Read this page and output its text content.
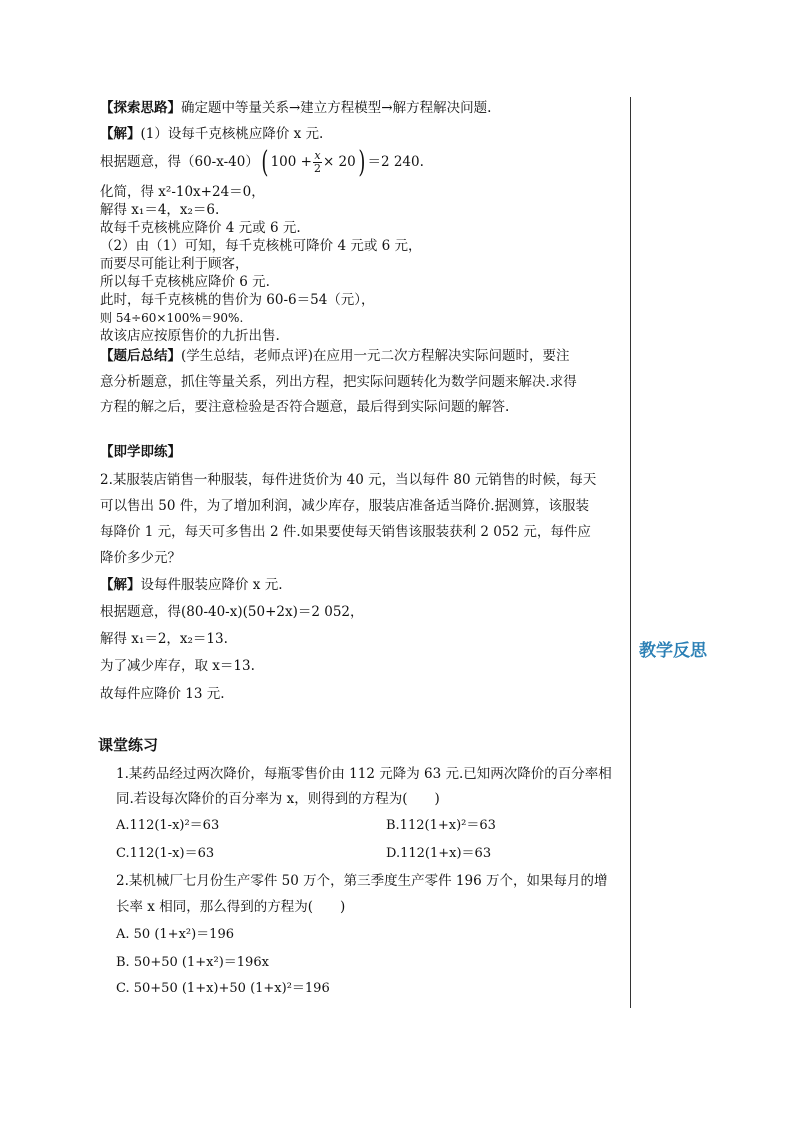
教学反思
【探索思路】确定题中等量关系→建立方程模型→解方程解决问题.
【解】(1）设每千克核桃应降价 x 元.
根据题意，得（60-x-40）( $100 + \frac{x}{2} \times 20) =2$ 240.
化简，得 x²-10x+24＝0，
解得 x₁＝4，x₂＝6.
故每千克核桃应降价 4 元或 6 元.
（2）由（1）可知，每千克核桃可降价 4 元或 6 元，
而要尽可能让利于顾客，
所以每千克核桃应降价 6 元.
此时，每千克核桃的售价为 60-6＝54（元），
则 54÷60×100%＝90%.
故该店应按原售价的九折出售.
【题后总结】(学生总结，老师点评)在应用一元二次方程解决实际问题时，要注
意分析题意，抓住等量关系，列出方程，把实际问题转化为数学问题来解决.求得
方程的解之后，要注意检验是否符合题意，最后得到实际问题的解答.
【即学即练】
2.某服装店销售一种服装，每件进货价为 40 元，当以每件 80 元销售的时候，每天
可以售出 50 件，为了增加利润，减少库存，服装店准备适当降价.据测算，该服装
每降价 1 元，每天可多售出 2 件.如果要使每天销售该服装获利 2 052 元，每件应
降价多少元？
【解】设每件服装应降价 x 元.
根据题意，得(80-40-x)(50+2x)＝2 052，
解得 x₁＝2，x₂＝13.
为了减少库存，取 x＝13.
故每件应降价 13 元.
课堂练习
1.某药品经过两次降价，每瓶零售价由 112 元降为 63 元.已知两次降价的百分率相
同.若设每次降价的百分率为 x，则得到的方程为(　　)
A.112(1-x)²＝63	B.112(1+x)²＝63
C.112(1-x)＝63	D.112(1+x)＝63
2.某机械厂七月份生产零件 50 万个，第三季度生产零件 196 万个，如果每月的增
长率 x 相同，那么得到的方程为(　　)
A. 50 (1+x²)＝196
B. 50+50 (1+x²)＝196x
C. 50+50 (1+x)+50 (1+x)²＝196
